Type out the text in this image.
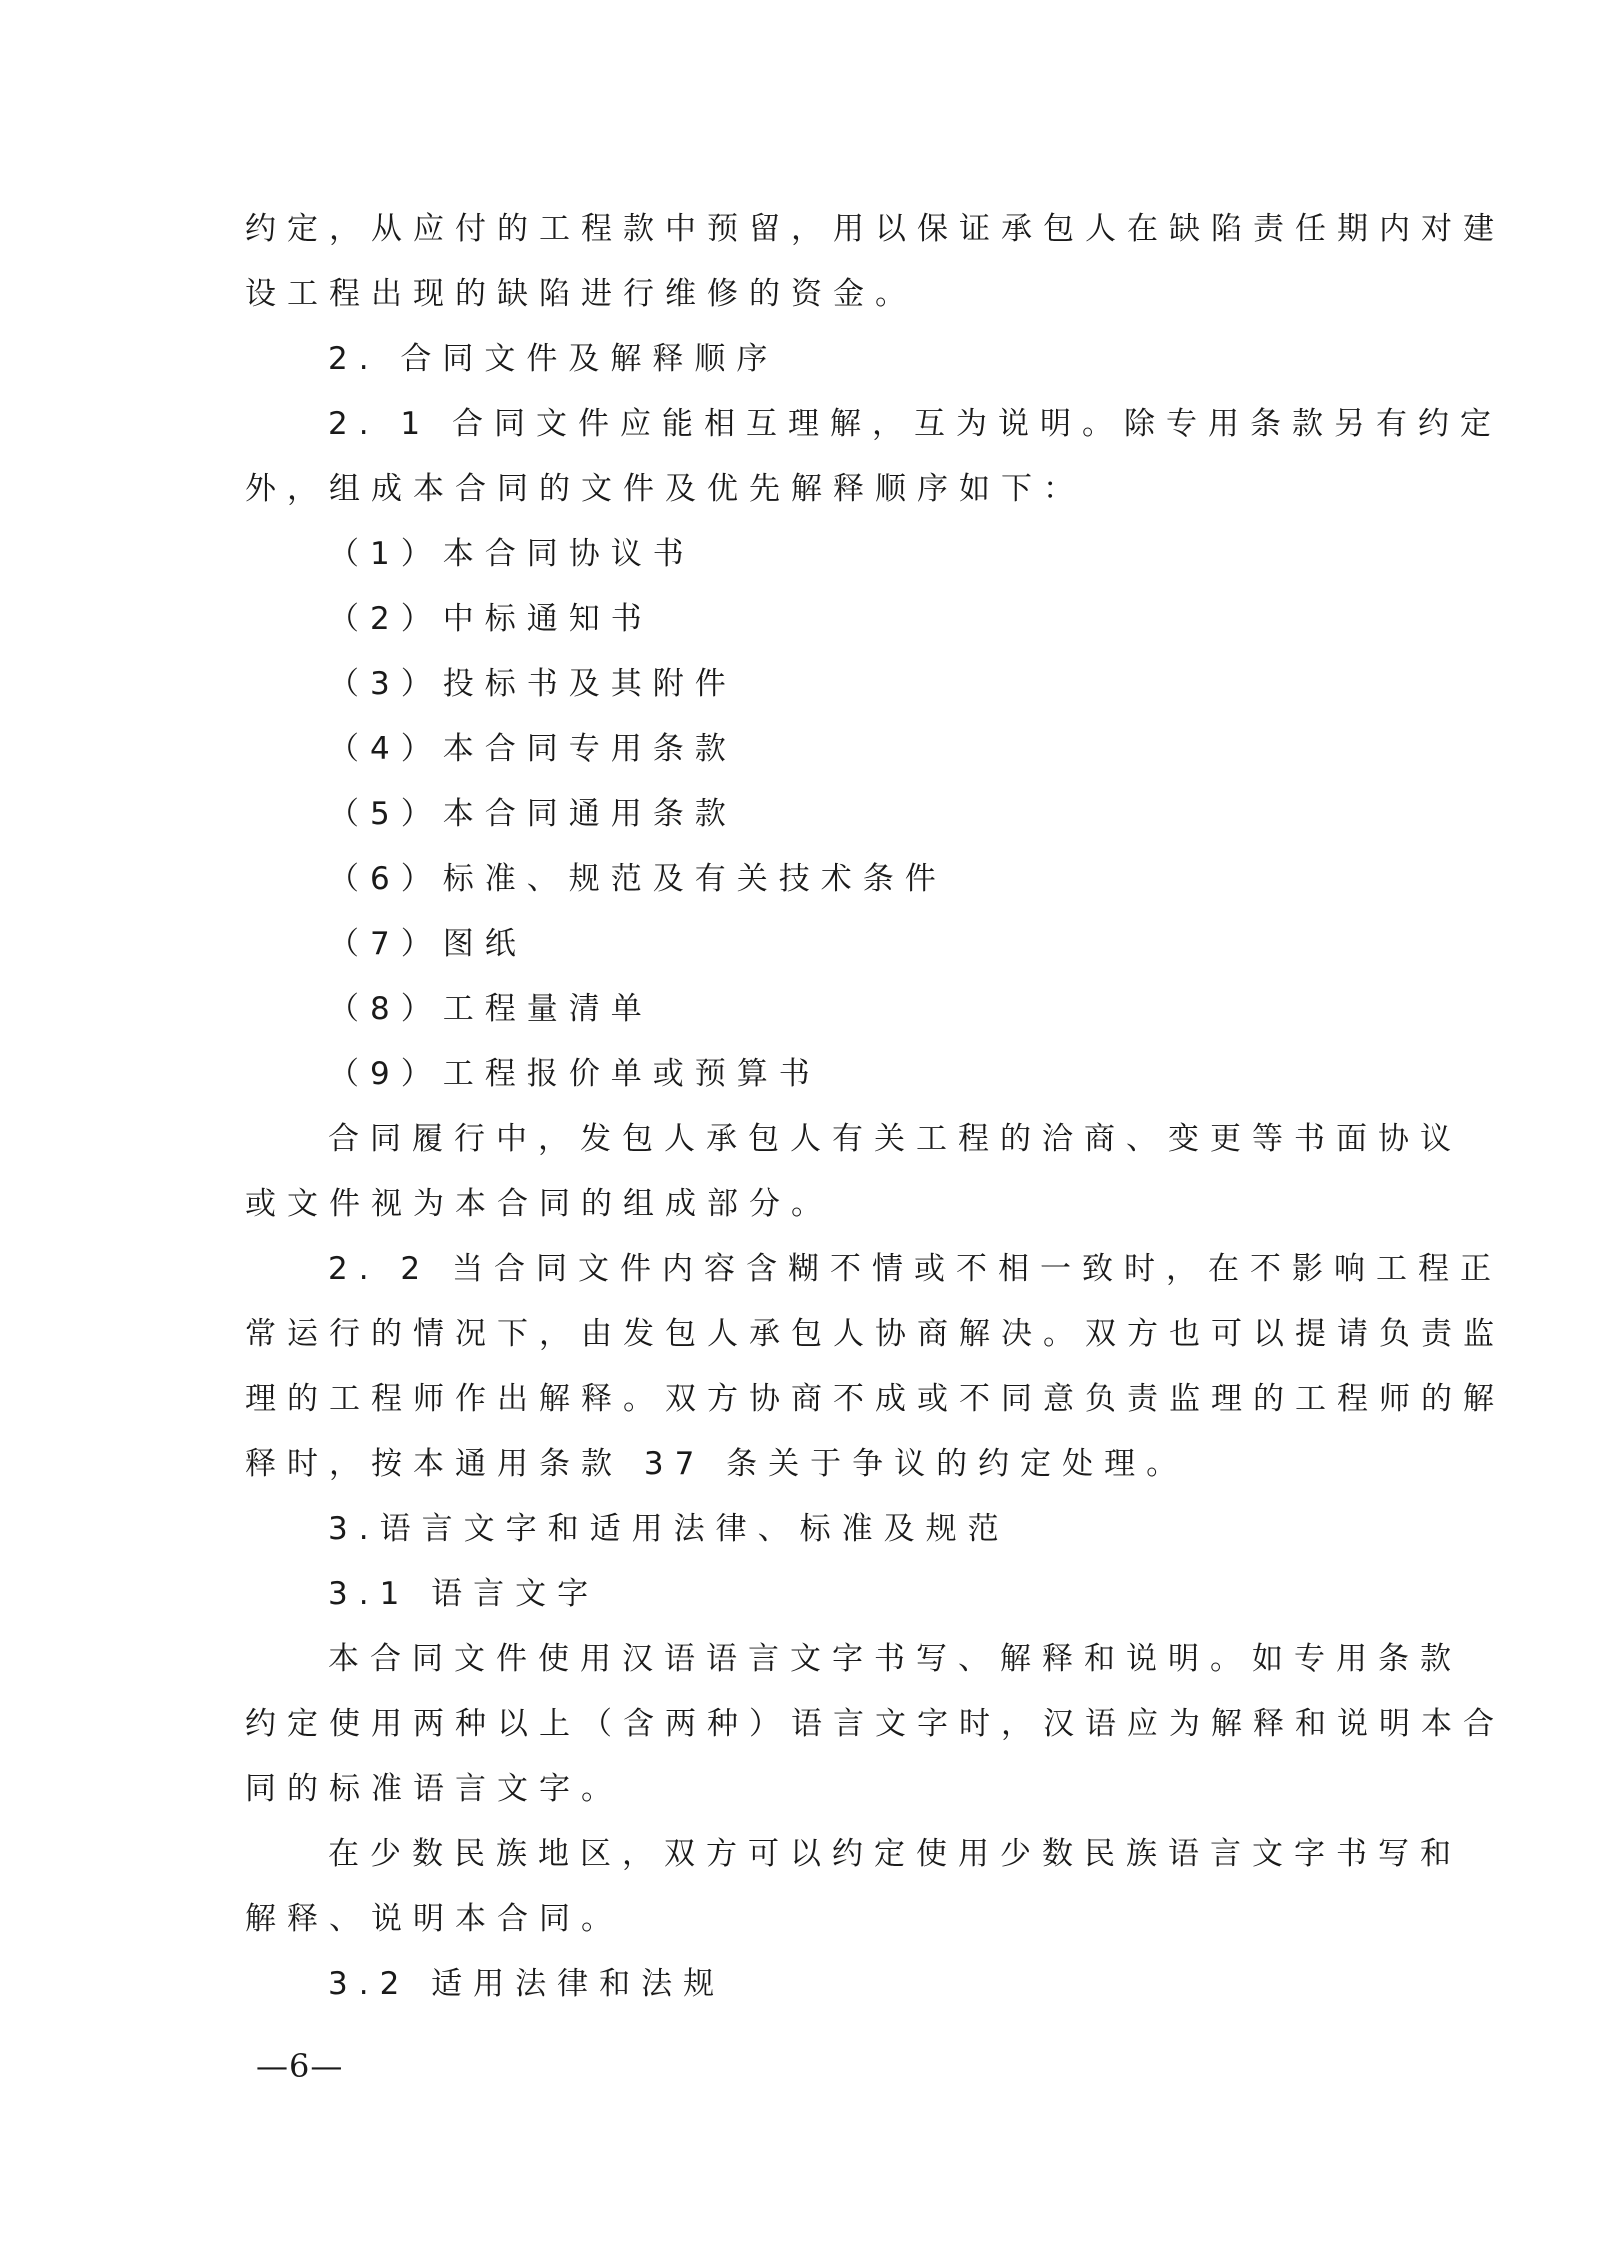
约定，从应付的工程款中预留，用以保证承包人在缺陷责任期内对建
设工程出现的缺陷进行维修的资金。
2. 合同文件及解释顺序
2. 1 合同文件应能相互理解，互为说明。除专用条款另有约定
外，组成本合同的文件及优先解释顺序如下：
（1）本合同协议书
（2）中标通知书
（3）投标书及其附件
（4）本合同专用条款
（5）本合同通用条款
（6）标准、规范及有关技术条件
（7）图纸
（8）工程量清单
（9）工程报价单或预算书
合同履行中，发包人承包人有关工程的洽商、变更等书面协议
或文件视为本合同的组成部分。
2. 2 当合同文件内容含糊不情或不相一致时，在不影响工程正
常运行的情况下，由发包人承包人协商解决。双方也可以提请负责监
理的工程师作出解释。双方协商不成或不同意负责监理的工程师的解
释时，按本通用条款 37 条关于争议的约定处理。
3.语言文字和适用法律、标准及规范
3.1 语言文字
本合同文件使用汉语语言文字书写、解释和说明。如专用条款
约定使用两种以上（含两种）语言文字时，汉语应为解释和说明本合
同的标准语言文字。
在少数民族地区，双方可以约定使用少数民族语言文字书写和
解释、说明本合同。
3.2 适用法律和法规
—6—
